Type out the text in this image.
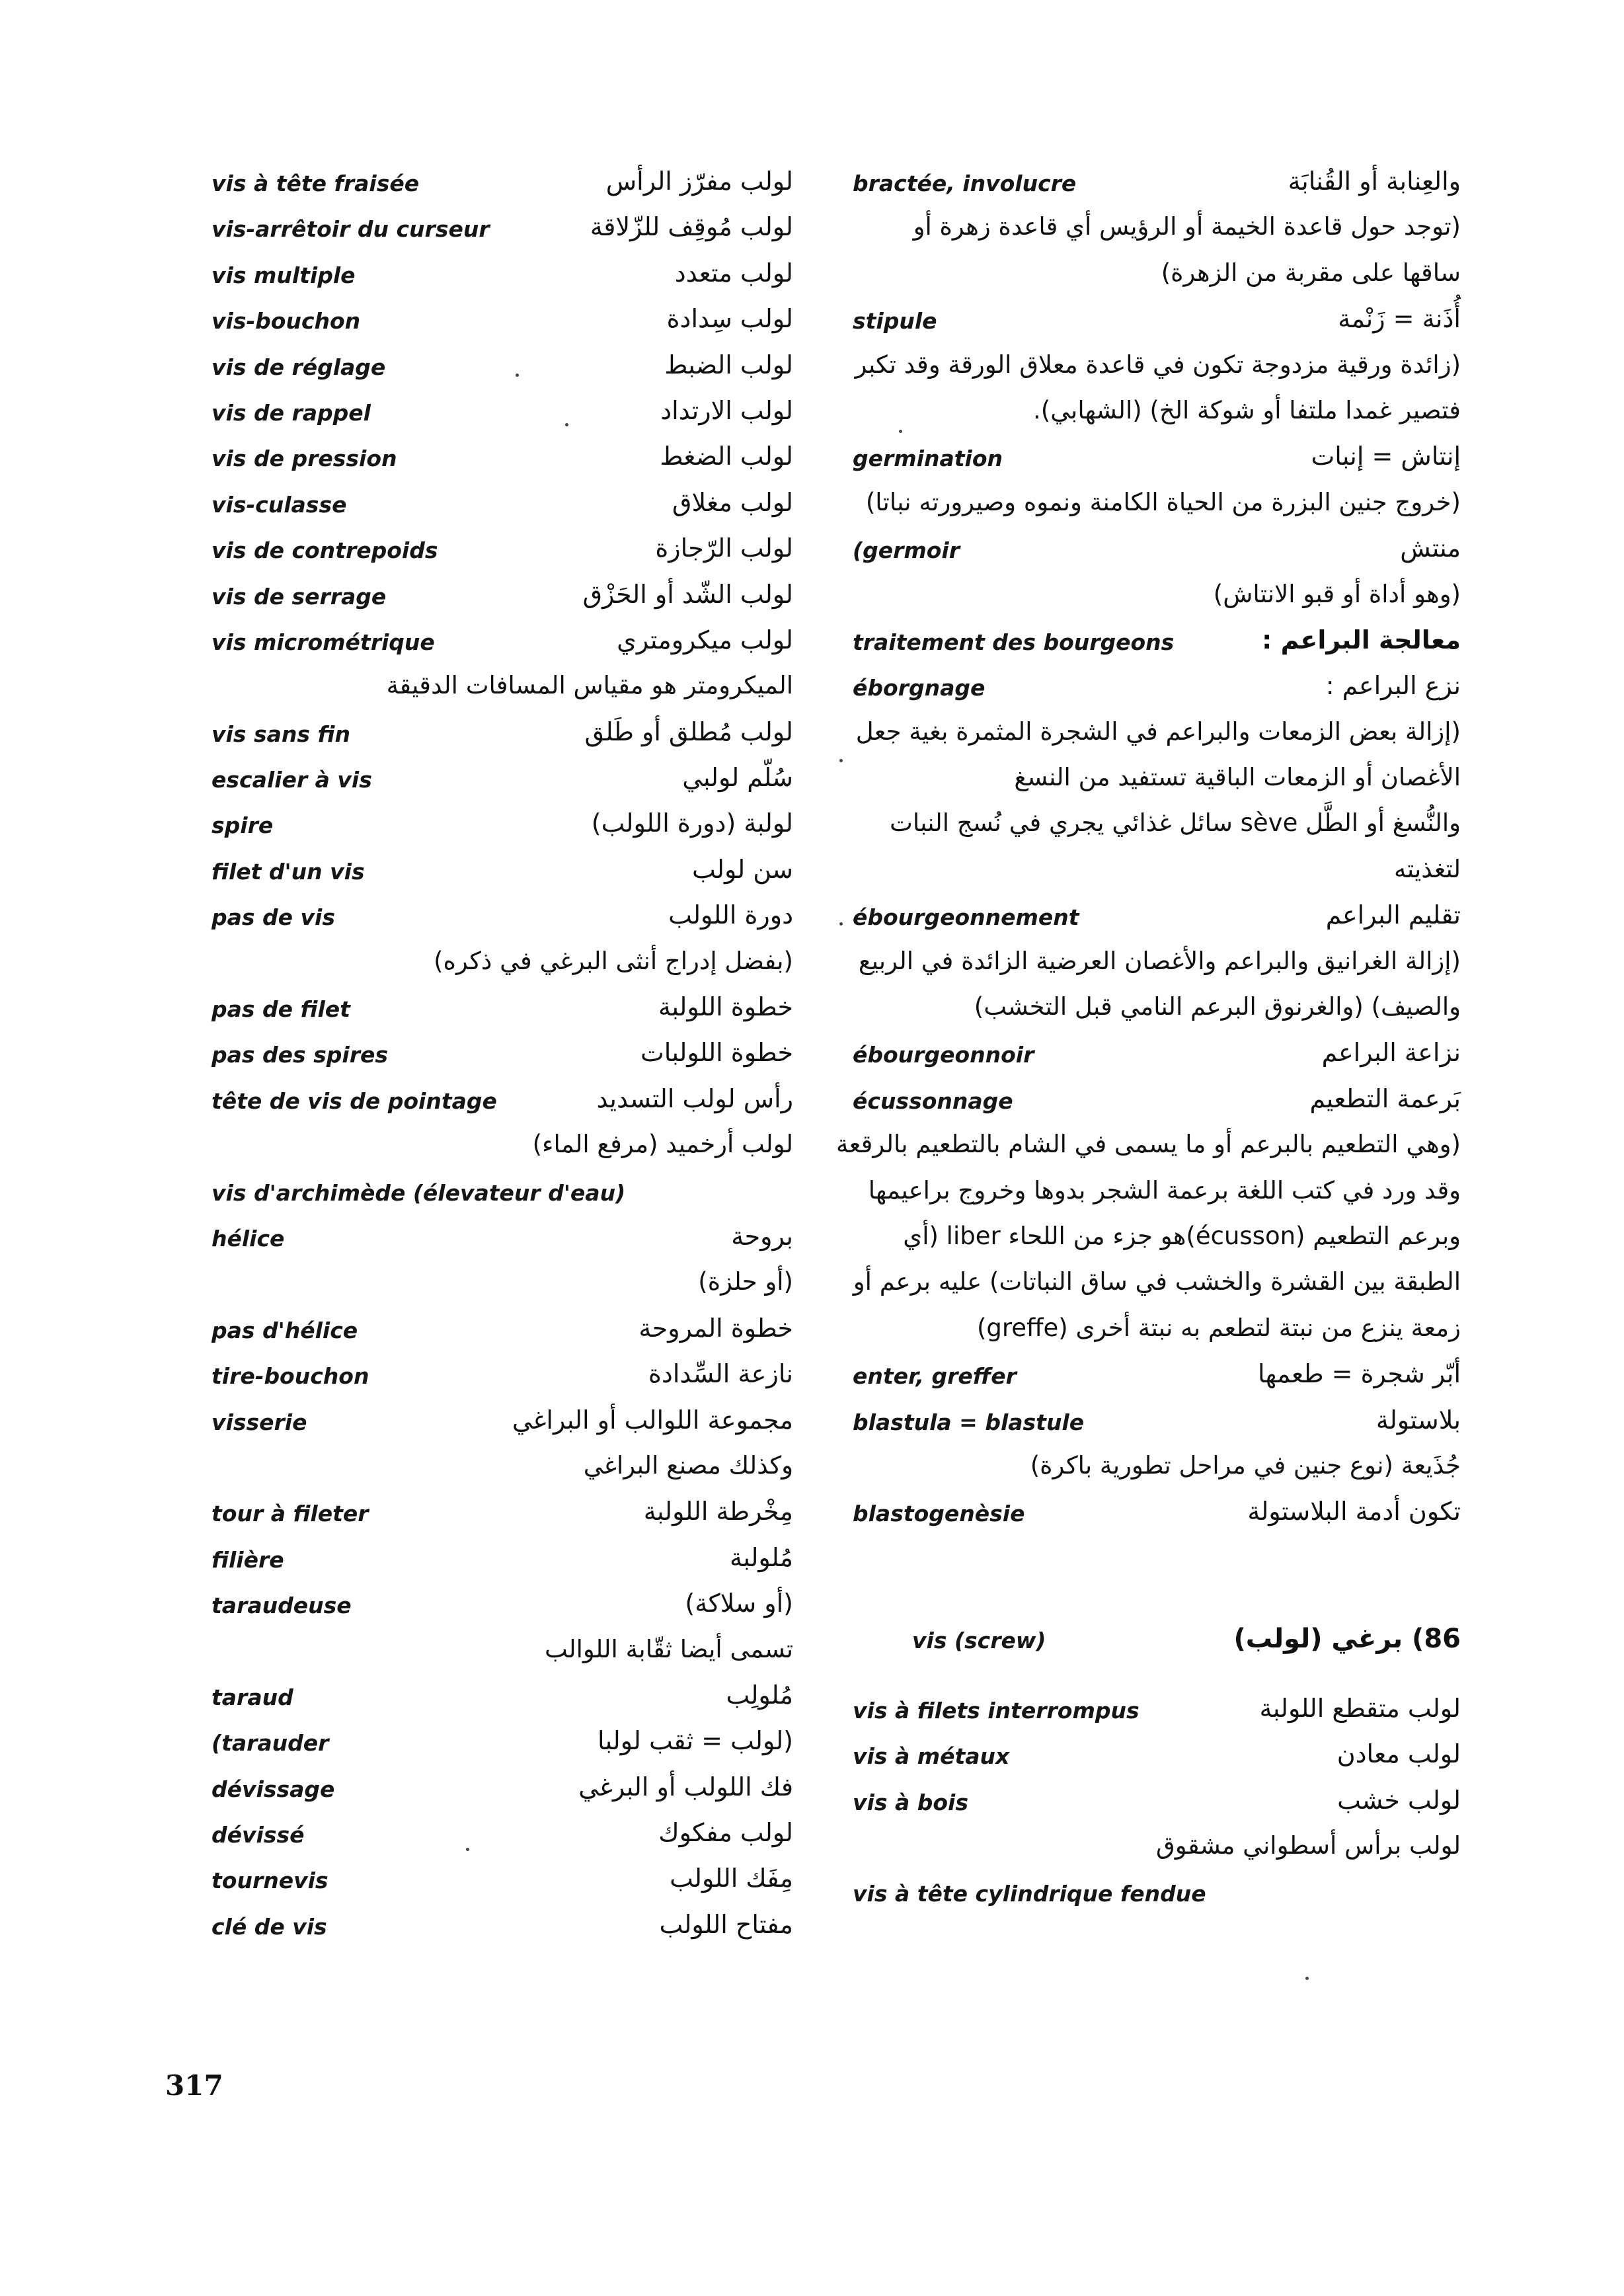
لولب مفرّز الرأس
vis à tête fraisée
لولب مُوقِف للزّلاقة
vis-arrêtoir du curseur
لولب متعدد
vis multiple
لولب سِدادة
vis-bouchon
لولب الضبط
vis de réglage
لولب الارتداد
vis de rappel
لولب الضغط
vis de pression
لولب مغلاق
vis-culasse
لولب الرّجازة
vis de contrepoids
لولب الشّد أو الحَزْق
vis de serrage
لولب ميكرومتري
vis micrométrique
الميكرومتر هو مقياس المسافات الدقيقة
لولب مُطلق أو طَلق
vis sans fin
سُلّم لولبي
escalier à vis
لولبة (دورة اللولب)
spire
سن لولب
filet d'un vis
دورة اللولب
pas de vis
(بفضل إدراج أنثى البرغي في ذكره)
خطوة اللولبة
pas de filet
خطوة اللولبات
pas des spires
رأس لولب التسديد
tête de vis de pointage
لولب أرخميد (مرفع الماء)
vis d'archimède (élevateur d'eau)
بروحة
hélice
(أو حلزة)
خطوة المروحة
pas d'hélice
نازعة السِّدادة
tire-bouchon
مجموعة اللوالب أو البراغي
visserie
وكذلك مصنع البراغي
مِخْرطة اللولبة
tour à fileter
مُلولبة
filière
(أو سلاكة)
taraudeuse
تسمى أيضا ثقّابة اللوالب
مُلولِب
taraud
(لولب = ثقب لولبا
(tarauder
فك اللولب أو البرغي
dévissage
لولب مفكوك
dévissé
مِفَك اللولب
tournevis
مفتاح اللولب
clé de vis
والعِنابة أو القُنابَة
bractée, involucre
(توجد حول قاعدة الخيمة أو الرؤيس أي قاعدة زهرة أو
ساقها على مقربة من الزهرة)
أُذَنة = زَنْمة
stipule
(زائدة ورقية مزدوجة تكون في قاعدة معلاق الورقة وقد تكبر
فتصير غمدا ملتفا أو شوكة الخ) (الشهابي).
إنتاش = إنبات
germination
(خروج جنين البزرة من الحياة الكامنة ونموه وصيرورته نباتا)
منتش
(germoir
(وهو أداة أو قبو الانتاش)
معالجة البراعم :
traitement des bourgeons
نزع البراعم :
éborgnage
(إزالة بعض الزمعات والبراعم في الشجرة المثمرة بغية جعل
الأغصان أو الزمعات الباقية تستفيد من النسغ
والنُّسغ أو الطَّل sève سائل غذائي يجري في نُسج النبات
لتغذيته
تقليم البراعم
ébourgeonnement
(إزالة الغرانيق والبراعم والأغصان العرضية الزائدة في الربيع
والصيف) (والغرنوق البرعم النامي قبل التخشب)
نزاعة البراعم
ébourgeonnoir
بَرعمة التطعيم
écussonnage
(وهي التطعيم بالبرعم أو ما يسمى في الشام بالتطعيم بالرقعة
وقد ورد في كتب اللغة برعمة الشجر بدوها وخروج براعيمها
وبرعم التطعيم (écusson)هو جزء من اللحاء liber (أي
الطبقة بين القشرة والخشب في ساق النباتات) عليه برعم أو
زمعة ينزع من نبتة لتطعم به نبتة أخرى (greffe)
أبّر شجرة = طعمها
enter, greffer
بلاستولة
blastula = blastule
جُذَيعة (نوع جنين في مراحل تطورية باكرة)
تكون أدمة البلاستولة
blastogenèsie
86) برغي (لولب)
vis (screw)
لولب متقطع اللولبة
vis à filets interrompus
لولب معادن
vis à métaux
لولب خشب
vis à bois
لولب برأس أسطواني مشقوق
vis à tête cylindrique fendue
317
